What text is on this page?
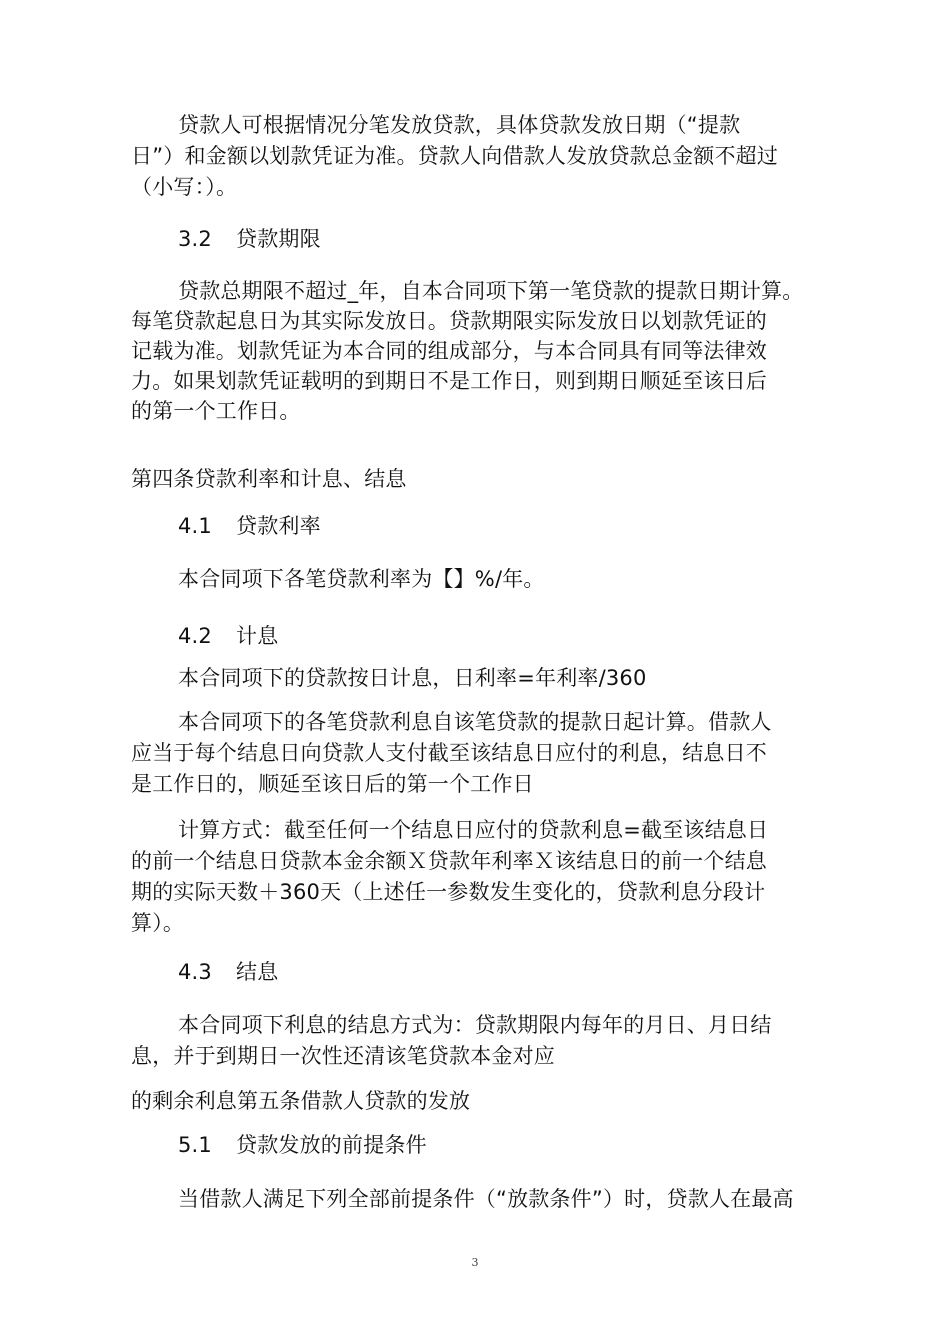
贷款人可根据情况分笔发放贷款，具体贷款发放日期（“提款
日”）和金额以划款凭证为准。贷款人向借款人发放贷款总金额不超过
（小写：）。
3.2 贷款期限
贷款总期限不超过_年，自本合同项下第一笔贷款的提款日期计算。
每笔贷款起息日为其实际发放日。贷款期限实际发放日以划款凭证的
记载为准。划款凭证为本合同的组成部分，与本合同具有同等法律效
力。如果划款凭证载明的到期日不是工作日，则到期日顺延至该日后
的第一个工作日。
第四条贷款利率和计息、结息
4.1 贷款利率
本合同项下各笔贷款利率为【】%/年。
4.2 计息
本合同项下的贷款按日计息，日利率=年利率/360
本合同项下的各笔贷款利息自该笔贷款的提款日起计算。借款人
应当于每个结息日向贷款人支付截至该结息日应付的利息，结息日不
是工作日的，顺延至该日后的第一个工作日
计算方式：截至任何一个结息日应付的贷款利息=截至该结息日
的前一个结息日贷款本金余额Ｘ贷款年利率Ｘ该结息日的前一个结息
期的实际天数＋360天（上述任一参数发生变化的，贷款利息分段计
算）。
4.3 结息
本合同项下利息的结息方式为：贷款期限内每年的月日、月日结
息，并于到期日一次性还清该笔贷款本金对应
的剩余利息第五条借款人贷款的发放
5.1 贷款发放的前提条件
当借款人满足下列全部前提条件（“放款条件”）时，贷款人在最高
3
